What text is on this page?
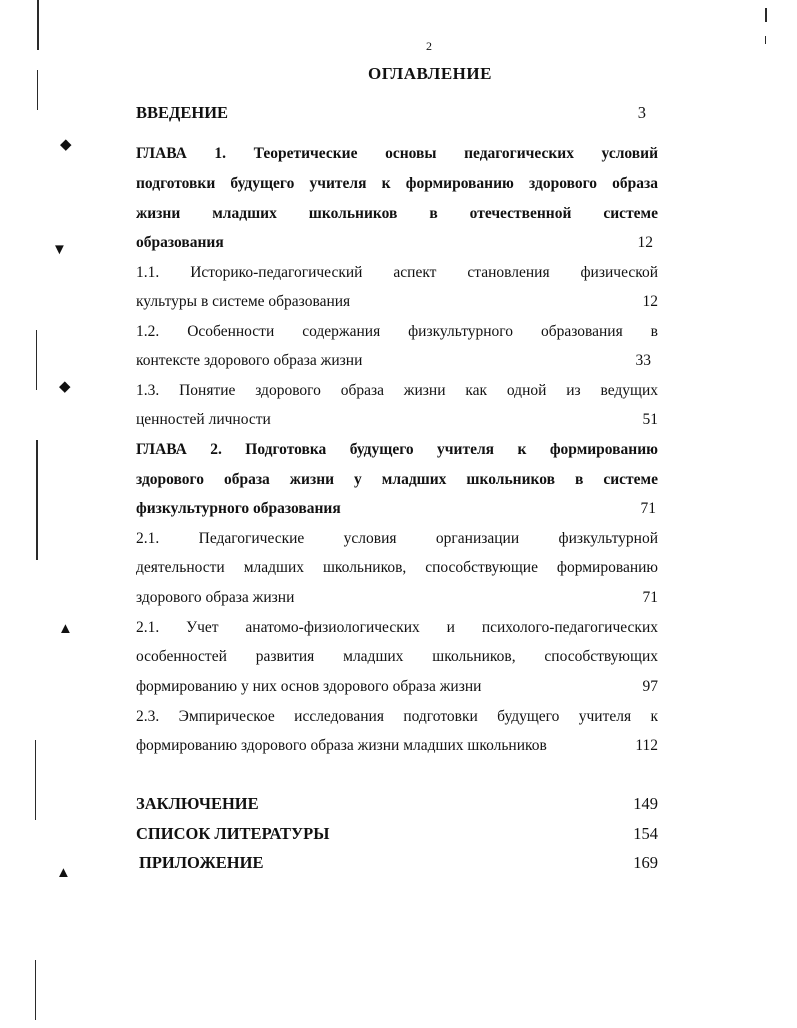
◆
▼
◆
▲
▲
2
ОГЛАВЛЕНИЕ
ВВЕДЕНИЕ	3
ГЛАВА 1. Теоретические основы педагогических условий
подготовки будущего учителя к формированию здорового образа
жизни младших школьников в отечественной системе
образования	12
1.1. Историко-педагогический аспект становления физической
культуры в системе образования	12
1.2. Особенности содержания физкультурного образования в
контексте здорового образа жизни	33
1.3. Понятие здорового образа жизни как одной из ведущих
ценностей личности	51
ГЛАВА 2. Подготовка будущего учителя к формированию
здорового образа жизни у младших школьников в системе
физкультурного образования	71
2.1. Педагогические условия организации физкультурной
деятельности младших школьников, способствующие формированию
здорового образа жизни	71
2.1. Учет анатомо-физиологических и психолого-педагогических
особенностей развития младших школьников, способствующих
формированию у них основ здорового образа жизни	97
2.3. Эмпирическое исследования подготовки будущего учителя к
формированию здорового образа жизни младших школьников	112
ЗАКЛЮЧЕНИЕ	149
СПИСОК ЛИТЕРАТУРЫ	154
ПРИЛОЖЕНИЕ	169
